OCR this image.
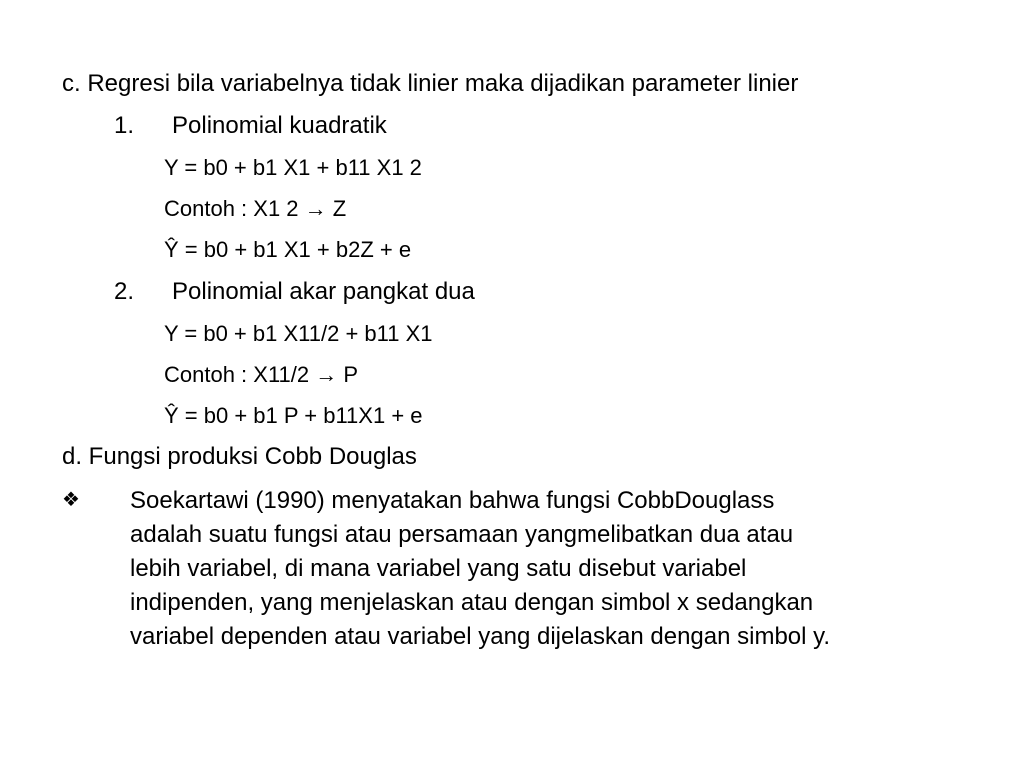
c. Regresi bila variabelnya tidak linier maka dijadikan parameter linier
1. Polinomial kuadratik
Y = b0 + b1 X1 + b11 X1 2
Contoh : X1 2 → Z
Ŷ = b0 + b1 X1 + b2Z + e
2. Polinomial akar pangkat dua
Y = b0 + b1 X11/2 + b11 X1
Contoh : X11/2 → P
Ŷ = b0 + b1 P + b11X1 + e
d. Fungsi produksi Cobb Douglas
❖ Soekartawi (1990) menyatakan bahwa fungsi CobbDouglass
adalah suatu fungsi atau persamaan yangmelibatkan dua atau
lebih variabel, di mana variabel yang satu disebut variabel
indipenden, yang menjelaskan atau dengan simbol x sedangkan
variabel dependen atau variabel yang dijelaskan dengan simbol y.
